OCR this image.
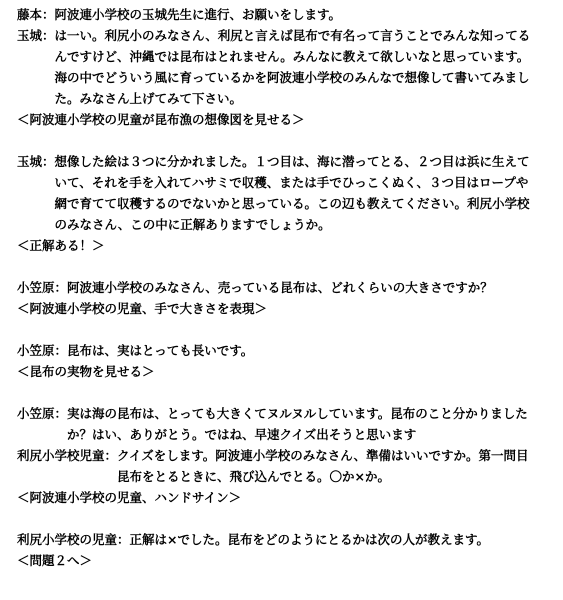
藤本： 阿波連小学校の玉城先生に進行、お願いをします。
玉城： は一い。利尻小のみなさん、利尻と言えば昆布で有名って言うことでみんな知ってるんですけど、沖縄では昆布はとれません。みんなに教えて欲しいなと思っています。海の中でどういう風に育っているかを阿波連小学校のみんなで想像して書いてみました。みなさん上げてみて下さい。
＜阿波連小学校の児童が昆布漁の想像図を見せる＞
玉城： 想像した絵は３つに分かれました。１つ目は、海に潜ってとる、２つ目は浜に生えていて、それを手を入れてハサミで収穫、または手でひっこくぬく、３つ目はロープや網で育てて収穫するのでないかと思っている。この辺も教えてください。利尻小学校のみなさん、この中に正解ありますでしょうか。
＜正解ある！＞
小笠原： 阿波連小学校のみなさん、売っている昆布は、どれくらいの大きさですか？
＜阿波連小学校の児童、手で大きさを表現＞
小笠原： 昆布は、実はとっても長いです。
＜昆布の実物を見せる＞
小笠原： 実は海の昆布は、とっても大きくてヌルヌルしています。昆布のこと分かりましたか？はい、ありがとう。ではね、早速クイズ出そうと思います
利尻小学校児童： クイズをします。阿波連小学校のみなさん、準備はいいですか。第一問目昆布をとるときに、飛び込んでとる。〇か×か。
＜阿波連小学校の児童、ハンドサイン＞
利尻小学校の児童： 正解は×でした。昆布をどのようにとるかは次の人が教えます。
＜問題２へ＞
